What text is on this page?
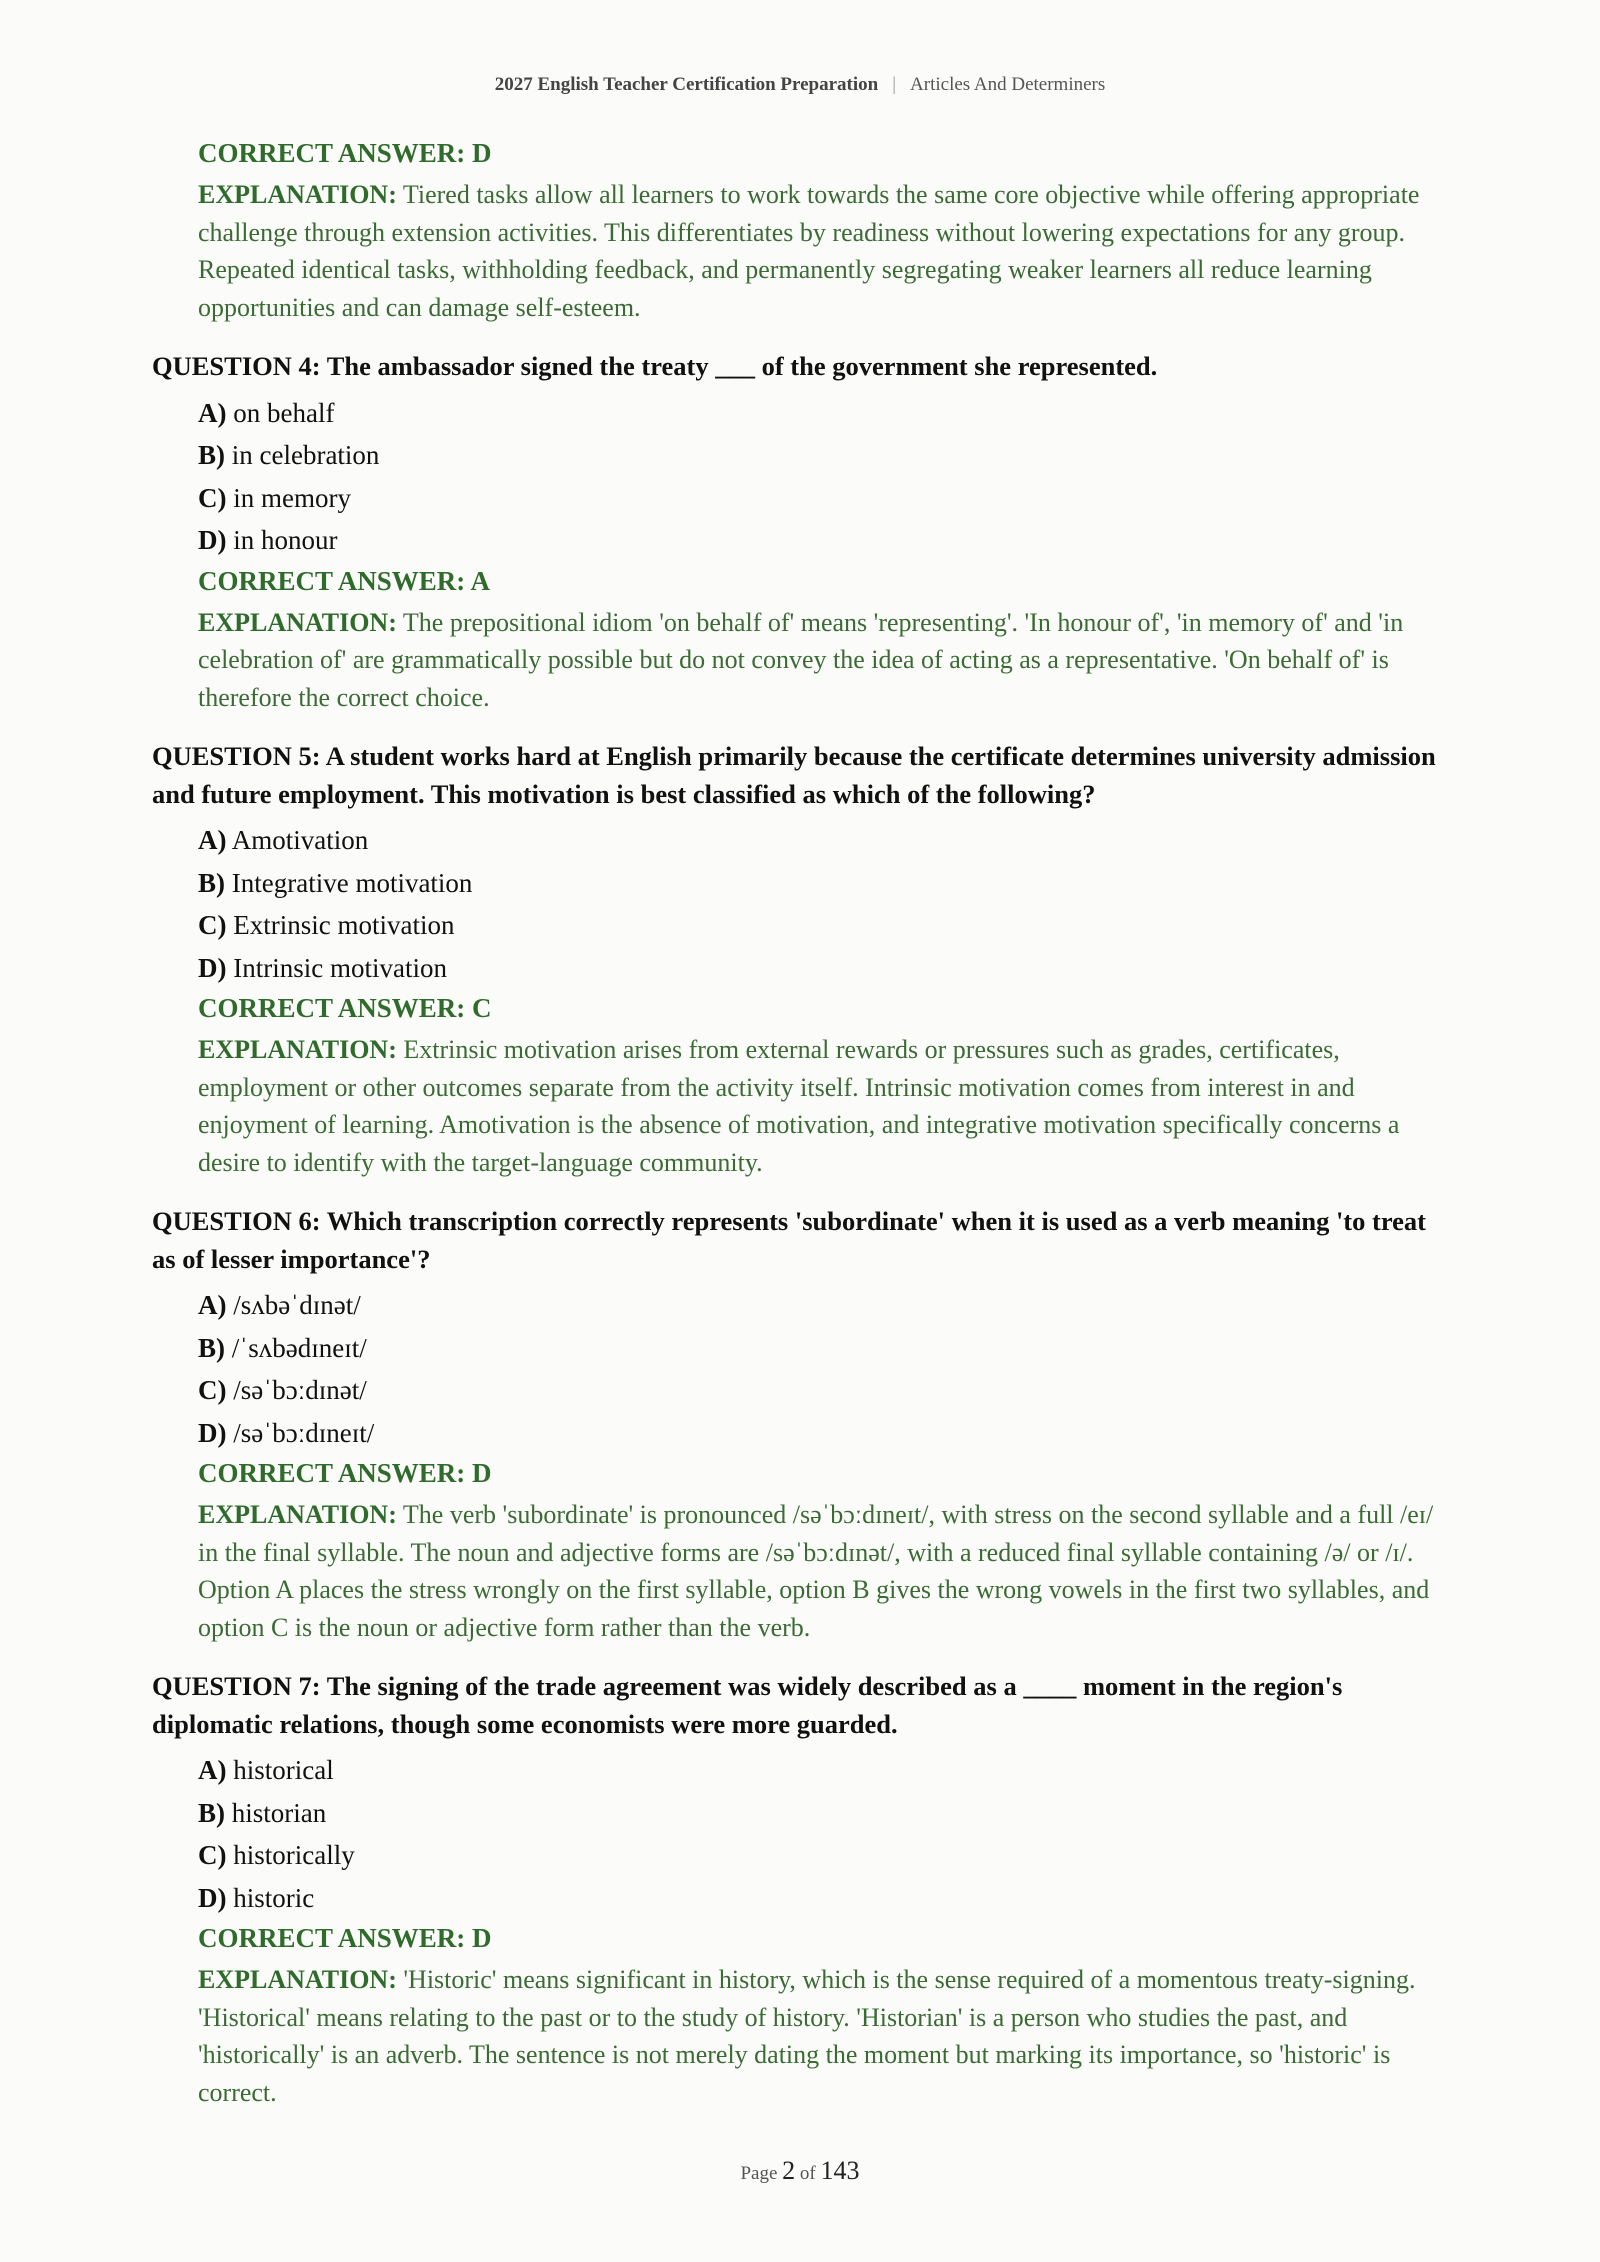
2027 English Teacher Certification Preparation | Articles And Determiners
CORRECT ANSWER: D
EXPLANATION: Tiered tasks allow all learners to work towards the same core objective while offering appropriate challenge through extension activities. This differentiates by readiness without lowering expectations for any group. Repeated identical tasks, withholding feedback, and permanently segregating weaker learners all reduce learning opportunities and can damage self-esteem.
QUESTION 4: The ambassador signed the treaty ___ of the government she represented.
A) on behalf
B) in celebration
C) in memory
D) in honour
CORRECT ANSWER: A
EXPLANATION: The prepositional idiom 'on behalf of' means 'representing'. 'In honour of', 'in memory of' and 'in celebration of' are grammatically possible but do not convey the idea of acting as a representative. 'On behalf of' is therefore the correct choice.
QUESTION 5: A student works hard at English primarily because the certificate determines university admission and future employment. This motivation is best classified as which of the following?
A) Amotivation
B) Integrative motivation
C) Extrinsic motivation
D) Intrinsic motivation
CORRECT ANSWER: C
EXPLANATION: Extrinsic motivation arises from external rewards or pressures such as grades, certificates, employment or other outcomes separate from the activity itself. Intrinsic motivation comes from interest in and enjoyment of learning. Amotivation is the absence of motivation, and integrative motivation specifically concerns a desire to identify with the target-language community.
QUESTION 6: Which transcription correctly represents 'subordinate' when it is used as a verb meaning 'to treat as of lesser importance'?
A) /sʌbəˈdɪnət/
B) /ˈsʌbədɪneɪt/
C) /səˈbɔːdɪnət/
D) /səˈbɔːdɪneɪt/
CORRECT ANSWER: D
EXPLANATION: The verb 'subordinate' is pronounced /səˈbɔːdɪneɪt/, with stress on the second syllable and a full /eɪ/ in the final syllable. The noun and adjective forms are /səˈbɔːdɪnət/, with a reduced final syllable containing /ə/ or /ɪ/. Option A places the stress wrongly on the first syllable, option B gives the wrong vowels in the first two syllables, and option C is the noun or adjective form rather than the verb.
QUESTION 7: The signing of the trade agreement was widely described as a ____ moment in the region's diplomatic relations, though some economists were more guarded.
A) historical
B) historian
C) historically
D) historic
CORRECT ANSWER: D
EXPLANATION: 'Historic' means significant in history, which is the sense required of a momentous treaty-signing. 'Historical' means relating to the past or to the study of history. 'Historian' is a person who studies the past, and 'historically' is an adverb. The sentence is not merely dating the moment but marking its importance, so 'historic' is correct.
Page 2 of 143
